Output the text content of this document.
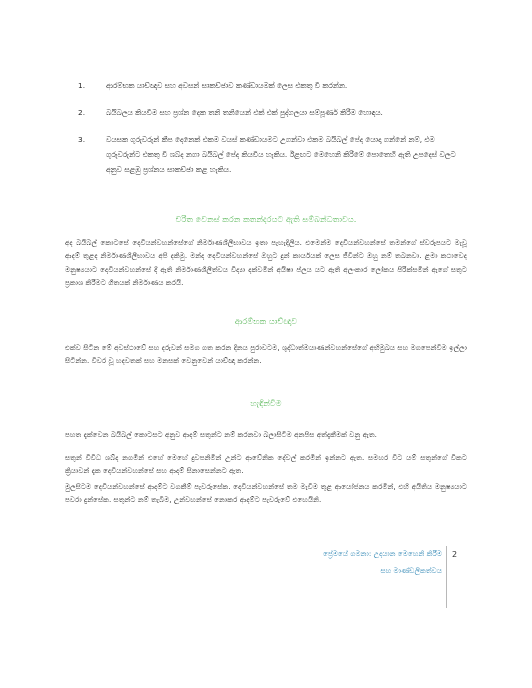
1.	ආරම්භක යාච්ඥාව සහ අවසන් සාකච්ඡාව කණ්ඩායමක් ලෙස එකතු වී කරන්න.
2.	බයිබලය කියවීම සහ ප්‍රශ්න දෙක තනි තනියෙන් එක් එක් පුද්ගලයා සම්පූර්ණ කිරීම හොඳය.
3.	වයසක ගුරුවරුන් කීප දෙනෙක් එකම වයස් කණ්ඩායමට උගන්වා එකම බයිබල් පේද යොදා ගන්නේ නම්, එම ගුරුවරුන්ට එකතු වී ශබ්ද නගා බයිබල් පේද කියවිය හැකිය. ඊළඟට මෙහෙනි කිරීමේ පොතෙහි ඇති උපදෙස් වලට අනුව සළඹු ප්‍රශ්නය සාකච්ඡා කළ හැකිය.
චරිත වෙනස් කරන කතන්දරයට ඇති සම්බන්ධතාවය.

අද බයිබල් කොටසේ දෙවියන්වහන්සේගේ නිර්මාණශීලීභාවය ඉතා පැහැදිලිය. එමෙන්ම දෙවියන්වහන්සේ තමන්ගේ ස්වරූපයට මැවූ ආදම් තුළද නිර්මාණශීලීභාවය අපි දකිමු. මන්ද දෙවියන්වහන්සේ ඔහුට දුන් කාර්යයක් ලෙස ජීවීන්ට ඔහු නම් තබනවා. ළමා කථාවෙද මනුෂ්‍යයාට දෙවියන්වහන්සේ දී ඇති නිර්මාණශීලීත්වය විද්‍යා දක්වමින් අයිෂා ප්ලය යට ඇති අලංකාර ලෝකය පිරික්සමින් ඇගේ සතුට ප්‍රකාශ කිරීමට ගීතයක් නිර්මාණය කරයි.

ආරම්භක යාච්ඥාව

එක්ව සිටින මේ අවස්ථාවේ සහ දරුවන් සමග ගත කරන දිනය පුරාවටම, ශුද්ධාත්මයාණන්වහන්සේගේ අභිමුඛය සහ මගපෙන්වීම ඉල්ලා සිටින්න. විවර වූ හදවතක් සහ මනසක් වෙනුවෙන් යාච්ඥා කරන්න.

හැඳින්වීම

පහත දැක්වෙන බයිබල් කොටසට අනුව ආදම් සතුන්ට නම් කරනවා බලාසිටීම අනපිස අත්දැකීමක් වනු ඇත.

සතුන් විවිධ ශබ්ද නගමින් එහේ මෙහේ දුවපනිමින් උන්ට ආවේනික දේවල් කරමින් ඉන්නට ඇත. සමහර විට යම් සතුන්ගේ විකට ක්‍රියාවන් දැක දෙවියන්වහන්සේ සහ ආදම් සිනාසෙන්නට ඇත.

මුලසිටම දෙවියන්වහන්සේ ආදම්ට වගකීම් පැවරුසේක. දෙවියන්වහන්සේ තම මැවීම තුළ ආයෝජනය කරමින්, එහි අයිතිය මනුෂ්‍යයාට පවරා දුන්සේක. සතුන්ට නම් තැබීම, උන්වහන්සේ නොකර ආදම්ට පැවරුවේ එහෙයිනි.

ප්‍රේමයේ ගමනා: උදයාන මෙහෙනි කිරීම
සහ මාණ්ඩලිකත්වය
2
